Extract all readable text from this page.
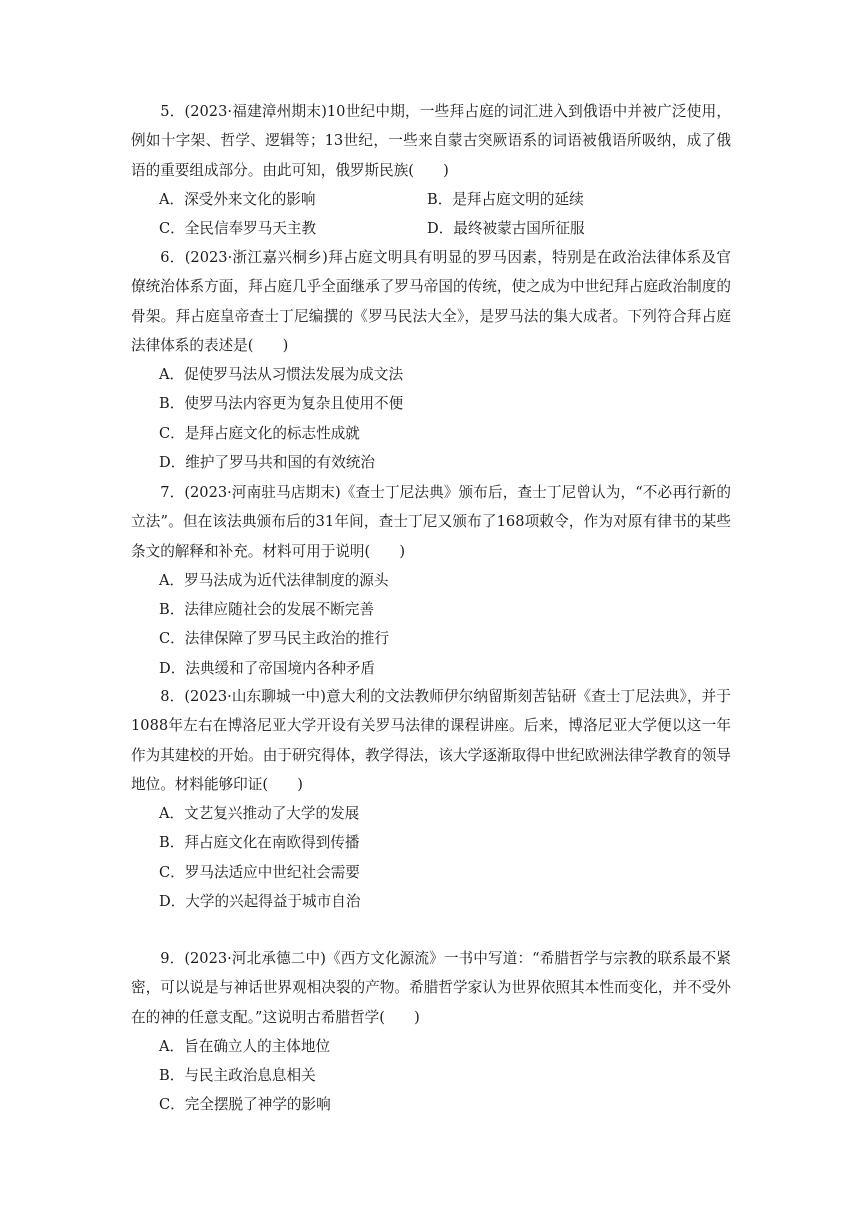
5．(2023·福建漳州期末)10世纪中期，一些拜占庭的词汇进入到俄语中并被广泛使用，例如十字架、哲学、逻辑等；13世纪，一些来自蒙古突厥语系的词语被俄语所吸纳，成了俄语的重要组成部分。由此可知，俄罗斯民族(　　)

A．深受外来文化的影响	B．是拜占庭文明的延续
C．全民信奉罗马天主教	D．最终被蒙古国所征服

6．(2023·浙江嘉兴桐乡)拜占庭文明具有明显的罗马因素，特别是在政治法律体系及官僚统治体系方面，拜占庭几乎全面继承了罗马帝国的传统，使之成为中世纪拜占庭政治制度的骨架。拜占庭皇帝查士丁尼编撰的《罗马民法大全》，是罗马法的集大成者。下列符合拜占庭法律体系的表述是(　　)

A．促使罗马法从习惯法发展为成文法

B．使罗马法内容更为复杂且使用不便

C．是拜占庭文化的标志性成就

D．维护了罗马共和国的有效统治

7．(2023·河南驻马店期末)《查士丁尼法典》颁布后，查士丁尼曾认为，“不必再行新的立法”。但在该法典颁布后的31年间，查士丁尼又颁布了168项敕令，作为对原有律书的某些条文的解释和补充。材料可用于说明(　　)

A．罗马法成为近代法律制度的源头

B．法律应随社会的发展不断完善

C．法律保障了罗马民主政治的推行

D．法典缓和了帝国境内各种矛盾

8．(2023·山东聊城一中)意大利的文法教师伊尔纳留斯刻苦钻研《查士丁尼法典》，并于1088年左右在博洛尼亚大学开设有关罗马法律的课程讲座。后来，博洛尼亚大学便以这一年作为其建校的开始。由于研究得体，教学得法，该大学逐渐取得中世纪欧洲法律学教育的领导地位。材料能够印证(　　)

A．文艺复兴推动了大学的发展

B．拜占庭文化在南欧得到传播

C．罗马法适应中世纪社会需要

D．大学的兴起得益于城市自治

9．(2023·河北承德二中)《西方文化源流》一书中写道：“希腊哲学与宗教的联系最不紧密，可以说是与神话世界观相决裂的产物。希腊哲学家认为世界依照其本性而变化，并不受外在的神的任意支配。”这说明古希腊哲学(　　)

A．旨在确立人的主体地位

B．与民主政治息息相关

C．完全摆脱了神学的影响
